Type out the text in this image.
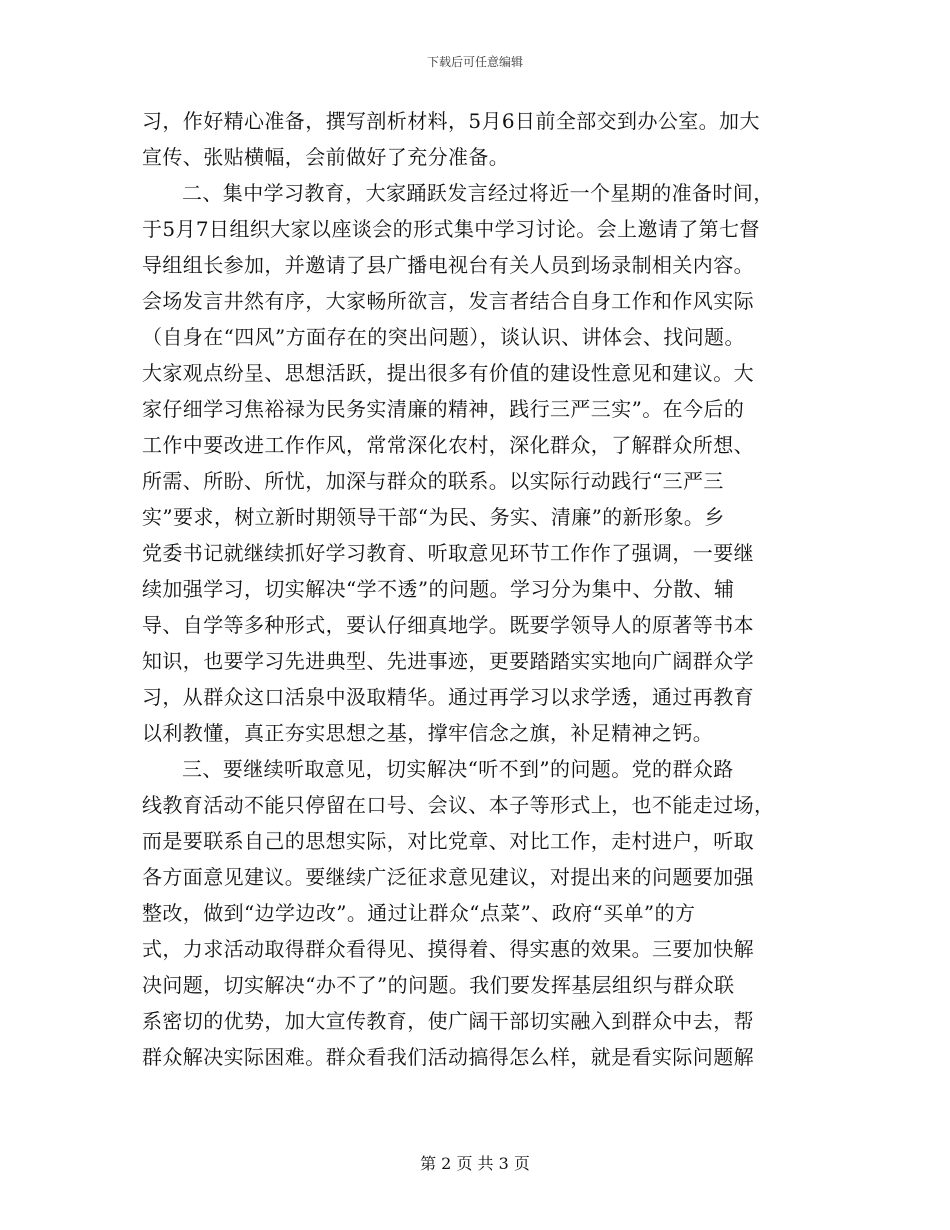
下载后可任意编辑
习，作好精心准备，撰写剖析材料，5月6日前全部交到办公室。加大
宣传、张贴横幅，会前做好了充分准备。
二、集中学习教育，大家踊跃发言经过将近一个星期的准备时间，
于5月7日组织大家以座谈会的形式集中学习讨论。会上邀请了第七督
导组组长参加，并邀请了县广播电视台有关人员到场录制相关内容。
会场发言井然有序，大家畅所欲言，发言者结合自身工作和作风实际
（自身在“四风”方面存在的突出问题），谈认识、讲体会、找问题。
大家观点纷呈、思想活跃，提出很多有价值的建设性意见和建议。大
家仔细学习焦裕禄为民务实清廉的精神，践行三严三实”。在今后的
工作中要改进工作作风，常常深化农村，深化群众，了解群众所想、
所需、所盼、所忧，加深与群众的联系。以实际行动践行“三严三
实”要求，树立新时期领导干部“为民、务实、清廉”的新形象。乡
党委书记就继续抓好学习教育、听取意见环节工作作了强调，一要继
续加强学习，切实解决“学不透”的问题。学习分为集中、分散、辅
导、自学等多种形式，要认仔细真地学。既要学领导人的原著等书本
知识，也要学习先进典型、先进事迹，更要踏踏实实地向广阔群众学
习，从群众这口活泉中汲取精华。通过再学习以求学透，通过再教育
以利教懂，真正夯实思想之基，撑牢信念之旗，补足精神之钙。
三、要继续听取意见，切实解决“听不到”的问题。党的群众路
线教育活动不能只停留在口号、会议、本子等形式上，也不能走过场，
而是要联系自己的思想实际，对比党章、对比工作，走村进户，听取
各方面意见建议。要继续广泛征求意见建议，对提出来的问题要加强
整改，做到“边学边改”。通过让群众“点菜”、政府“买单”的方
式，力求活动取得群众看得见、摸得着、得实惠的效果。三要加快解
决问题，切实解决“办不了”的问题。我们要发挥基层组织与群众联
系密切的优势，加大宣传教育，使广阔干部切实融入到群众中去，帮
群众解决实际困难。群众看我们活动搞得怎么样，就是看实际问题解
第 2 页 共 3 页
